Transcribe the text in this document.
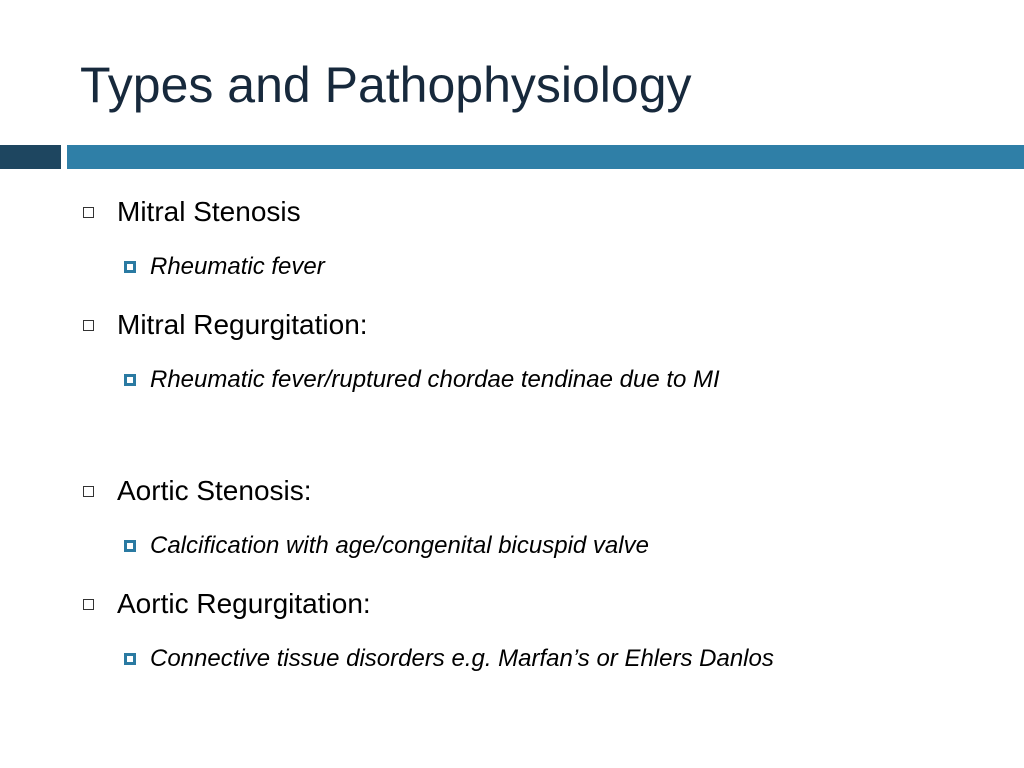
Types and Pathophysiology
Mitral Stenosis
Rheumatic fever
Mitral Regurgitation:
Rheumatic fever/ruptured chordae tendinae due to MI
Aortic Stenosis:
Calcification with age/congenital bicuspid valve
Aortic Regurgitation:
Connective tissue disorders e.g. Marfan’s or Ehlers Danlos
